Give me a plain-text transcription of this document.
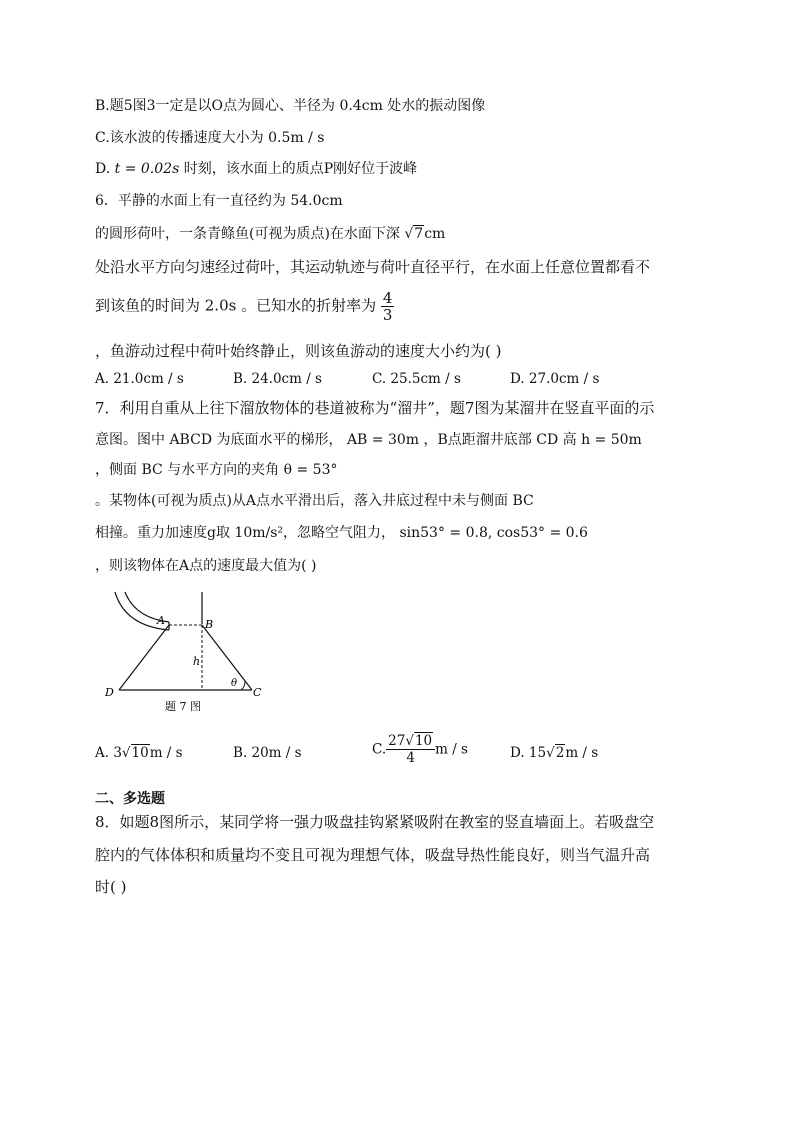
B.题5图3一定是以O点为圆心、半径为 0.4cm 处水的振动图像
C.该水波的传播速度大小为 0.5m / s
D. t = 0.02s 时刻，该水面上的质点P刚好位于波峰
6．平静的水面上有一直径约为 54.0cm
的圆形荷叶，一条青鲦鱼(可视为质点)在水面下深 √7cm
处沿水平方向匀速经过荷叶，其运动轨迹与荷叶直径平行，在水面上任意位置都看不
到该鱼的时间为 2.0s 。已知水的折射率为 $\frac{4}{3}$
，鱼游动过程中荷叶始终静止，则该鱼游动的速度大小约为( )
A. 21.0cm / s	B. 24.0cm / s	C. 25.5cm / s	D. 27.0cm / s
7．利用自重从上往下溜放物体的巷道被称为“溜井”，题7图为某溜井在竖直平面的示
意图。图中 ABCD 为底面水平的梯形， AB = 30m ，B点距溜井底部 CD 高 h = 50m
，侧面 BC 与水平方向的夹角 θ = 53°
。某物体(可视为质点)从A点水平滑出后，落入井底过程中未与侧面 BC
相撞。重力加速度g取 10m/s²，忽略空气阻力， sin53° = 0.8, cos53° = 0.6
，则该物体在A点的速度最大值为( )
A	B
h
θ
D	C
题 7 图
A. 3√10m / s	B. 20m / s	C. $\frac{27√10}{4}$ m / s	D. 15√2m / s
二、多选题
8．如题8图所示，某同学将一强力吸盘挂钩紧紧吸附在教室的竖直墙面上。若吸盘空
腔内的气体体积和质量均不变且可视为理想气体，吸盘导热性能良好，则当气温升高
时( )
